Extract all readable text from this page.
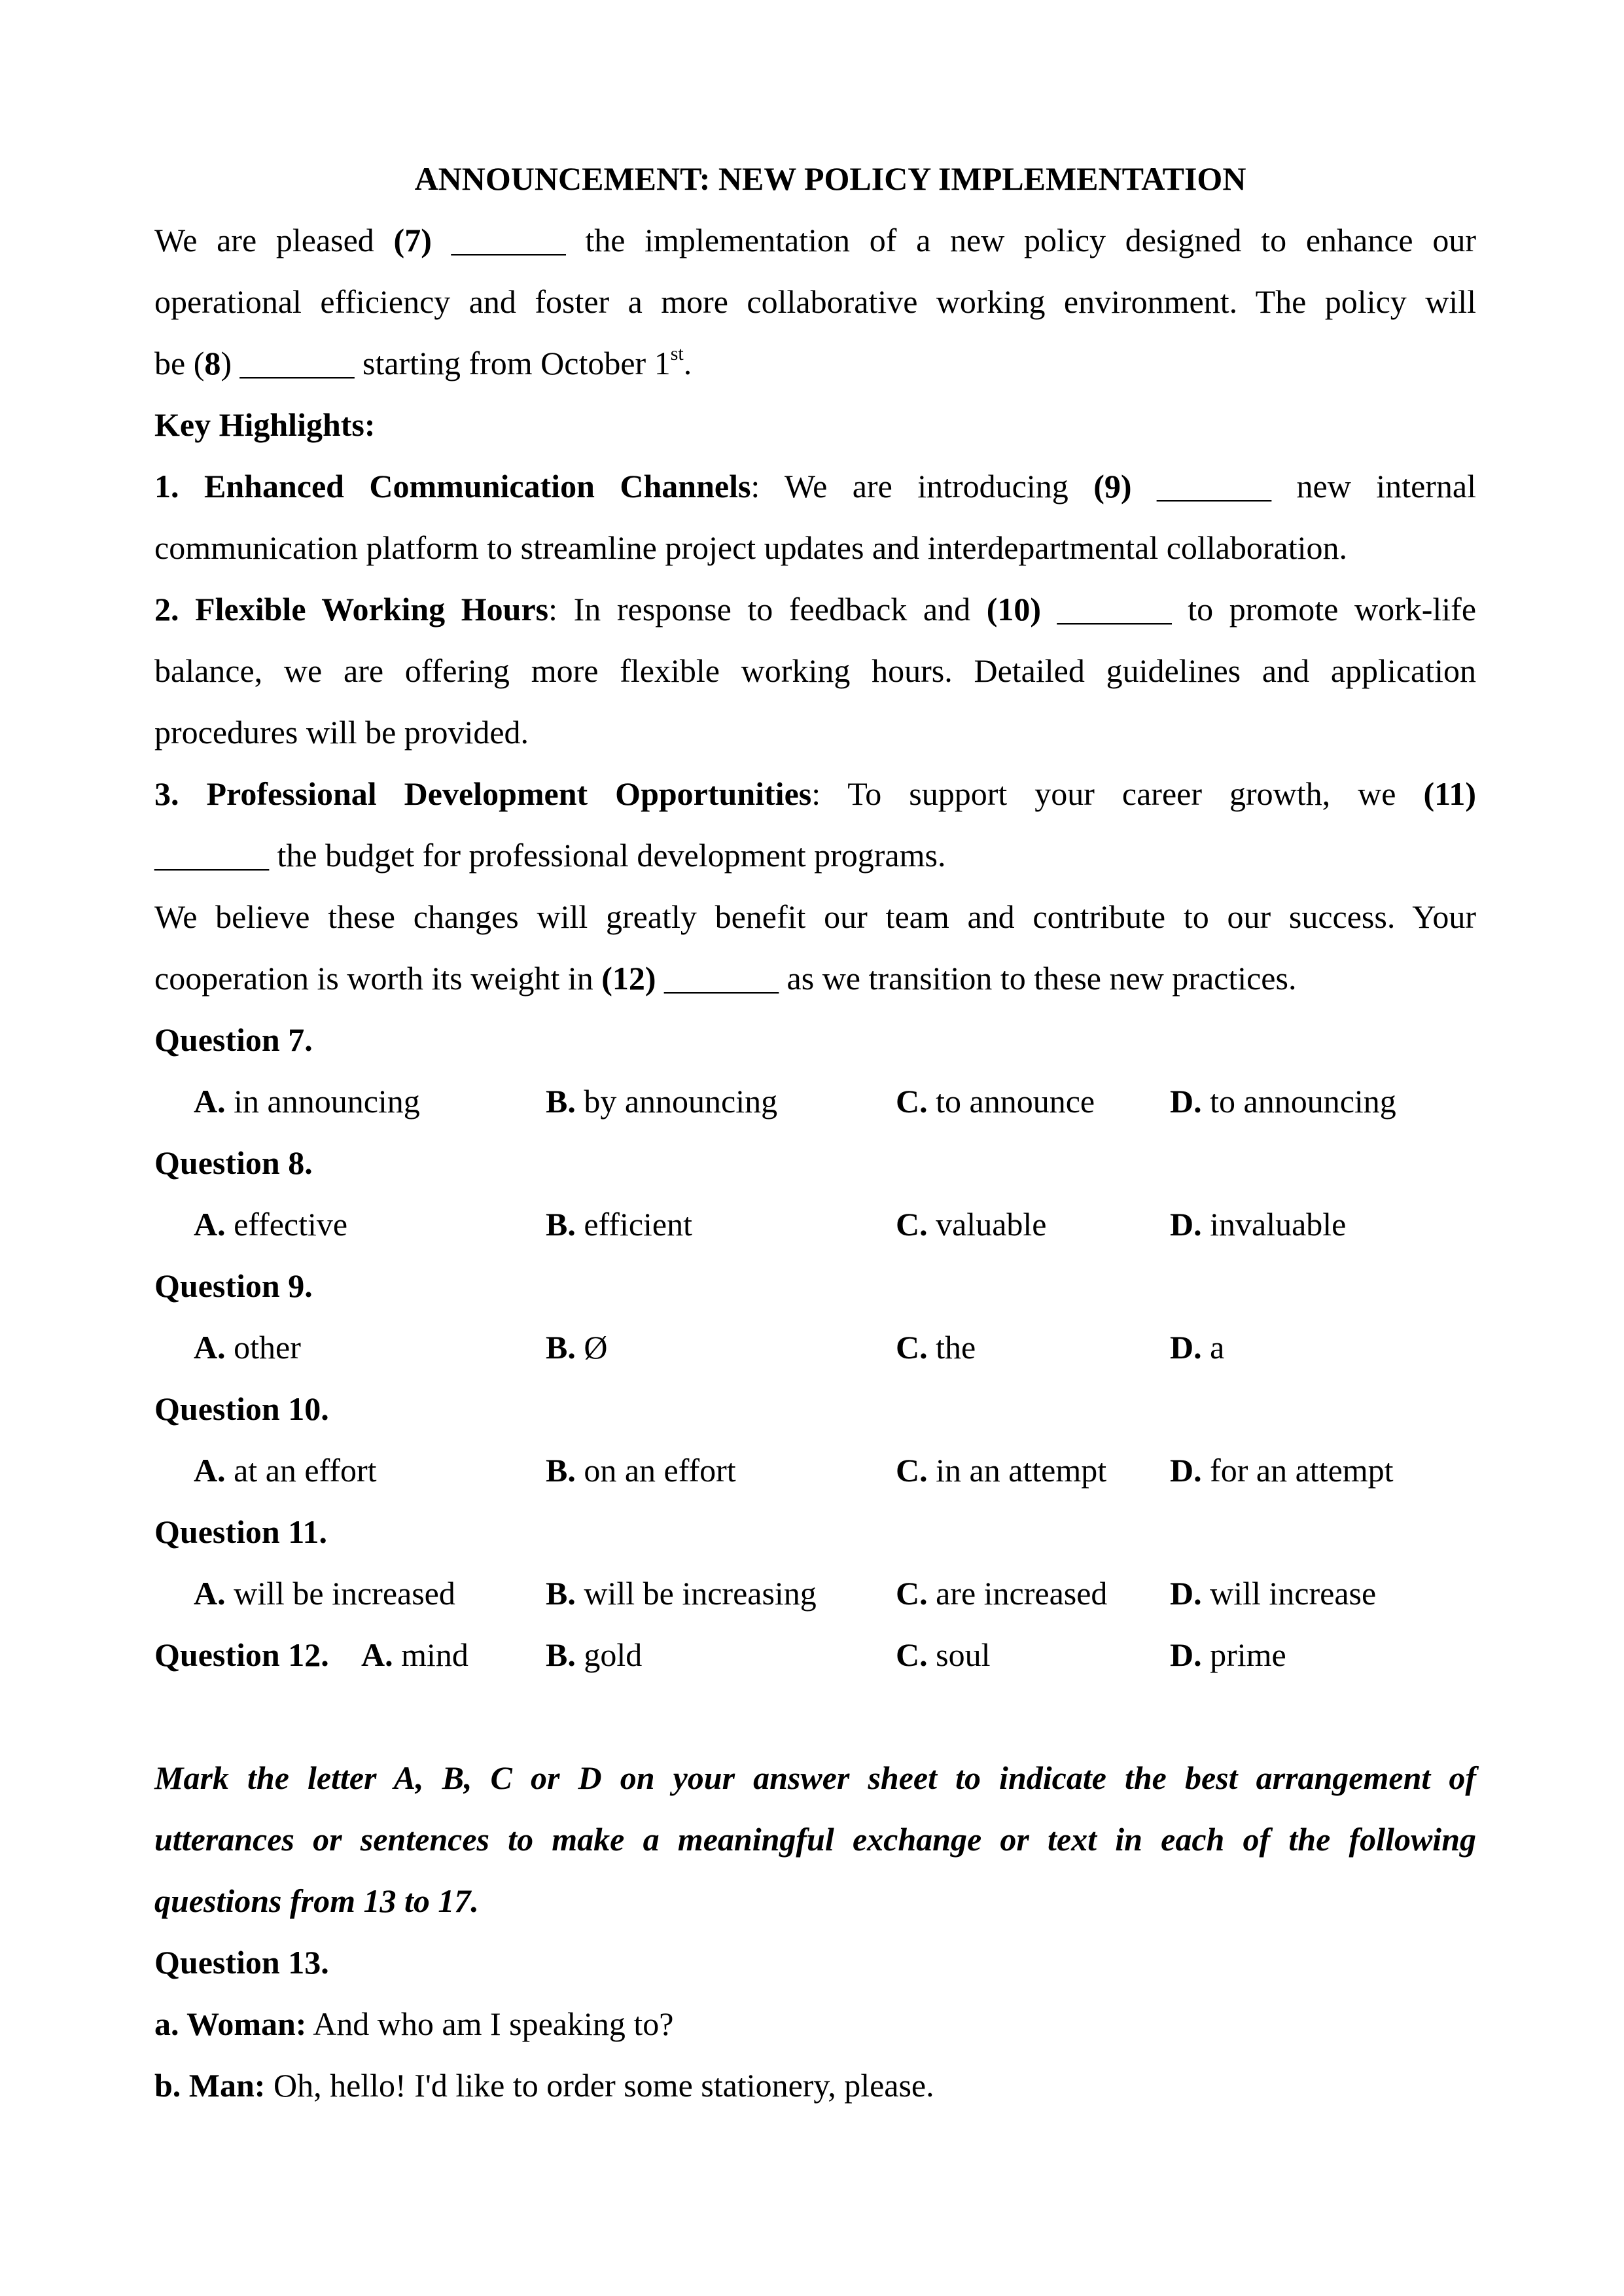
ANNOUNCEMENT: NEW POLICY IMPLEMENTATION
We are pleased (7) _______ the implementation of a new policy designed to enhance our
operational efficiency and foster a more collaborative working environment. The policy will
be (8) _______ starting from October 1st.
Key Highlights:
1. Enhanced Communication Channels: We are introducing (9) _______ new internal
communication platform to streamline project updates and interdepartmental collaboration.
2. Flexible Working Hours: In response to feedback and (10) _______ to promote work-life
balance, we are offering more flexible working hours. Detailed guidelines and application
procedures will be provided.
3. Professional Development Opportunities: To support your career growth, we (11)
_______ the budget for professional development programs.
We believe these changes will greatly benefit our team and contribute to our success. Your
cooperation is worth its weight in (12) _______ as we transition to these new practices.
Question 7.
A. in announcing	B. by announcing	C. to announce D. to announcing
Question 8.
A. effective	B. efficient	C. valuable	D. invaluable
Question 9.
A. other	B. Ø	C. the	D. a
Question 10.
A. at an effort	B. on an effort	C. in an attempt D. for an attempt
Question 11.
A. will be increased	B. will be increasing C. are increased D. will increase
Question 12. A. mind B. gold	C. soul	D. prime
Mark the letter A, B, C or D on your answer sheet to indicate the best arrangement of
utterances or sentences to make a meaningful exchange or text in each of the following
questions from 13 to 17.
Question 13.
a. Woman: And who am I speaking to?
b. Man: Oh, hello! I'd like to order some stationery, please.
